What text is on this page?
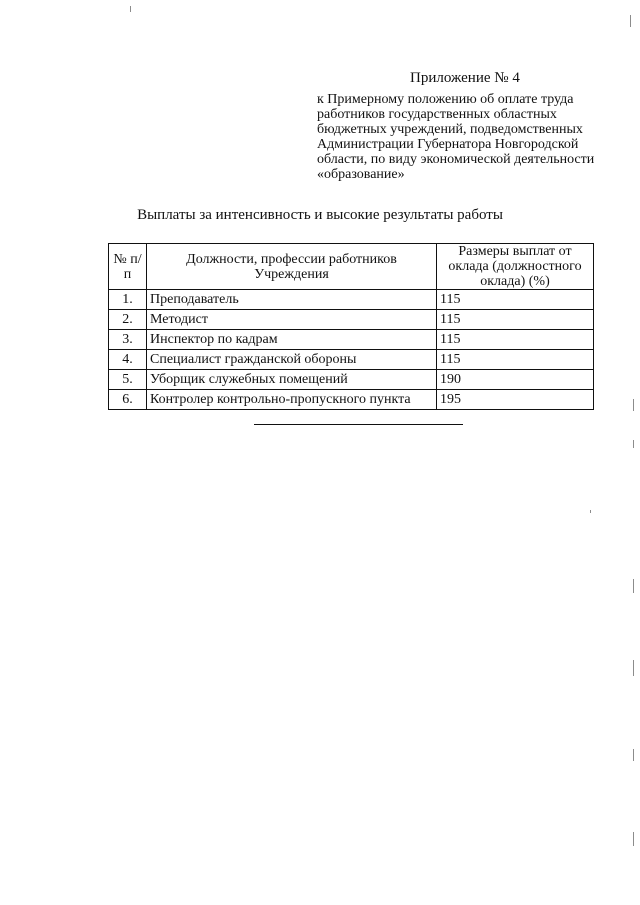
Приложение № 4
к Примерному положению об оплате труда
работников государственных областных
бюджетных учреждений, подведомственных
Администрации Губернатора Новгородской
области, по виду экономической деятельности
«образование»
Выплаты за интенсивность и высокие результаты работы
№ п/п	Должности, профессии работников Учреждения	Размеры выплат от оклада (должностного оклада) (%)
1.	Преподаватель	115
2.	Методист	115
3.	Инспектор по кадрам	115
4.	Специалист гражданской обороны	115
5.	Уборщик служебных помещений	190
6.	Контролер контрольно-пропускного пункта	195
